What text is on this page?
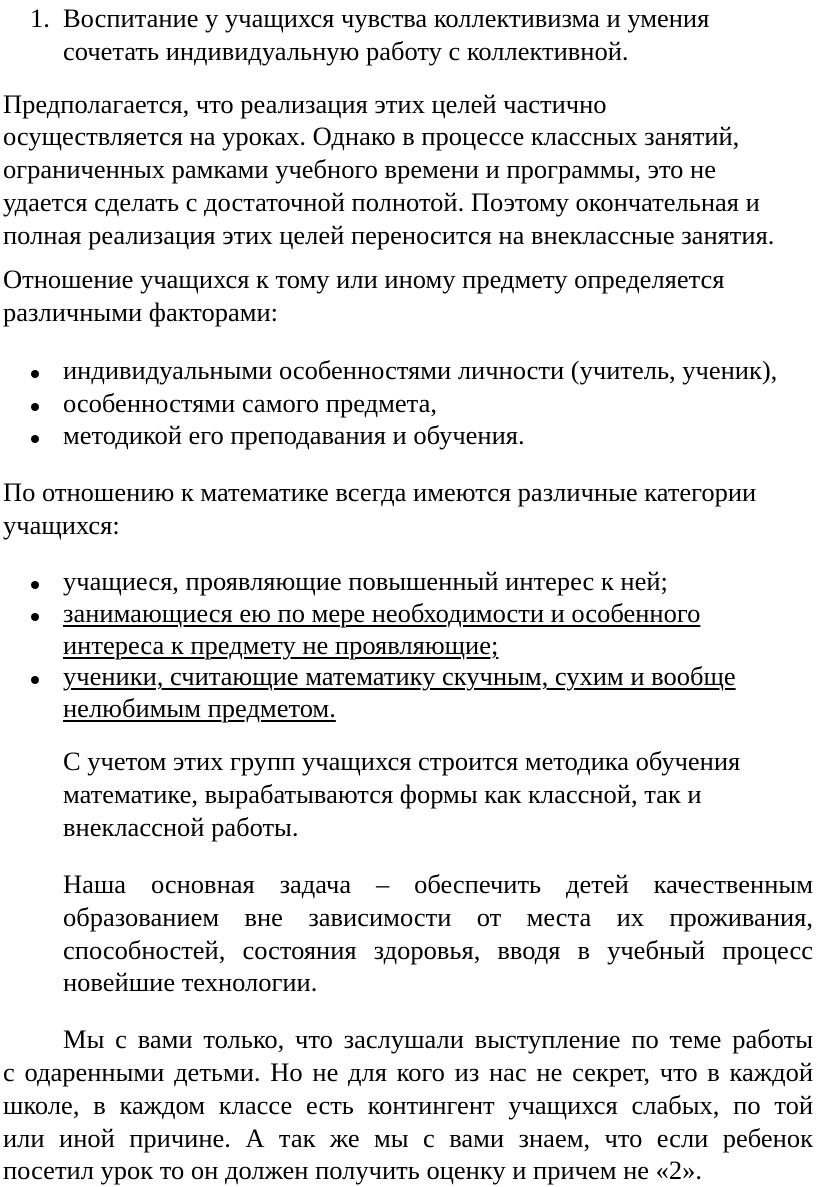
1. Воспитание у учащихся чувства коллективизма и умения
сочетать индивидуальную работу с коллективной.
Предполагается, что реализация этих целей частично
осуществляется на уроках. Однако в процессе классных занятий,
ограниченных рамками учебного времени и программы, это не
удается сделать с достаточной полнотой. Поэтому окончательная и
полная реализация этих целей переносится на внеклассные занятия.
Отношение учащихся к тому или иному предмету определяется
различными факторами:
индивидуальными особенностями личности (учитель, ученик),
особенностями самого предмета,
методикой его преподавания и обучения.
По отношению к математике всегда имеются различные категории
учащихся:
учащиеся, проявляющие повышенный интерес к ней;
занимающиеся ею по мере необходимости и особенного
интереса к предмету не проявляющие;
ученики, считающие математику скучным, сухим и вообще
нелюбимым предметом.
С учетом этих групп учащихся строится методика обучения
математике, вырабатываются формы как классной, так и
внеклассной работы.
Наша основная задача – обеспечить детей качественным
образованием вне зависимости от места их проживания,
способностей, состояния здоровья, вводя в учебный процесс
новейшие технологии.
Мы с вами только, что заслушали выступление по теме работы
с одаренными детьми. Но не для кого из нас не секрет, что в каждой
школе, в каждом классе есть контингент учащихся слабых, по той
или иной причине. А так же мы с вами знаем, что если ребенок
посетил урок то он должен получить оценку и причем не «2».
